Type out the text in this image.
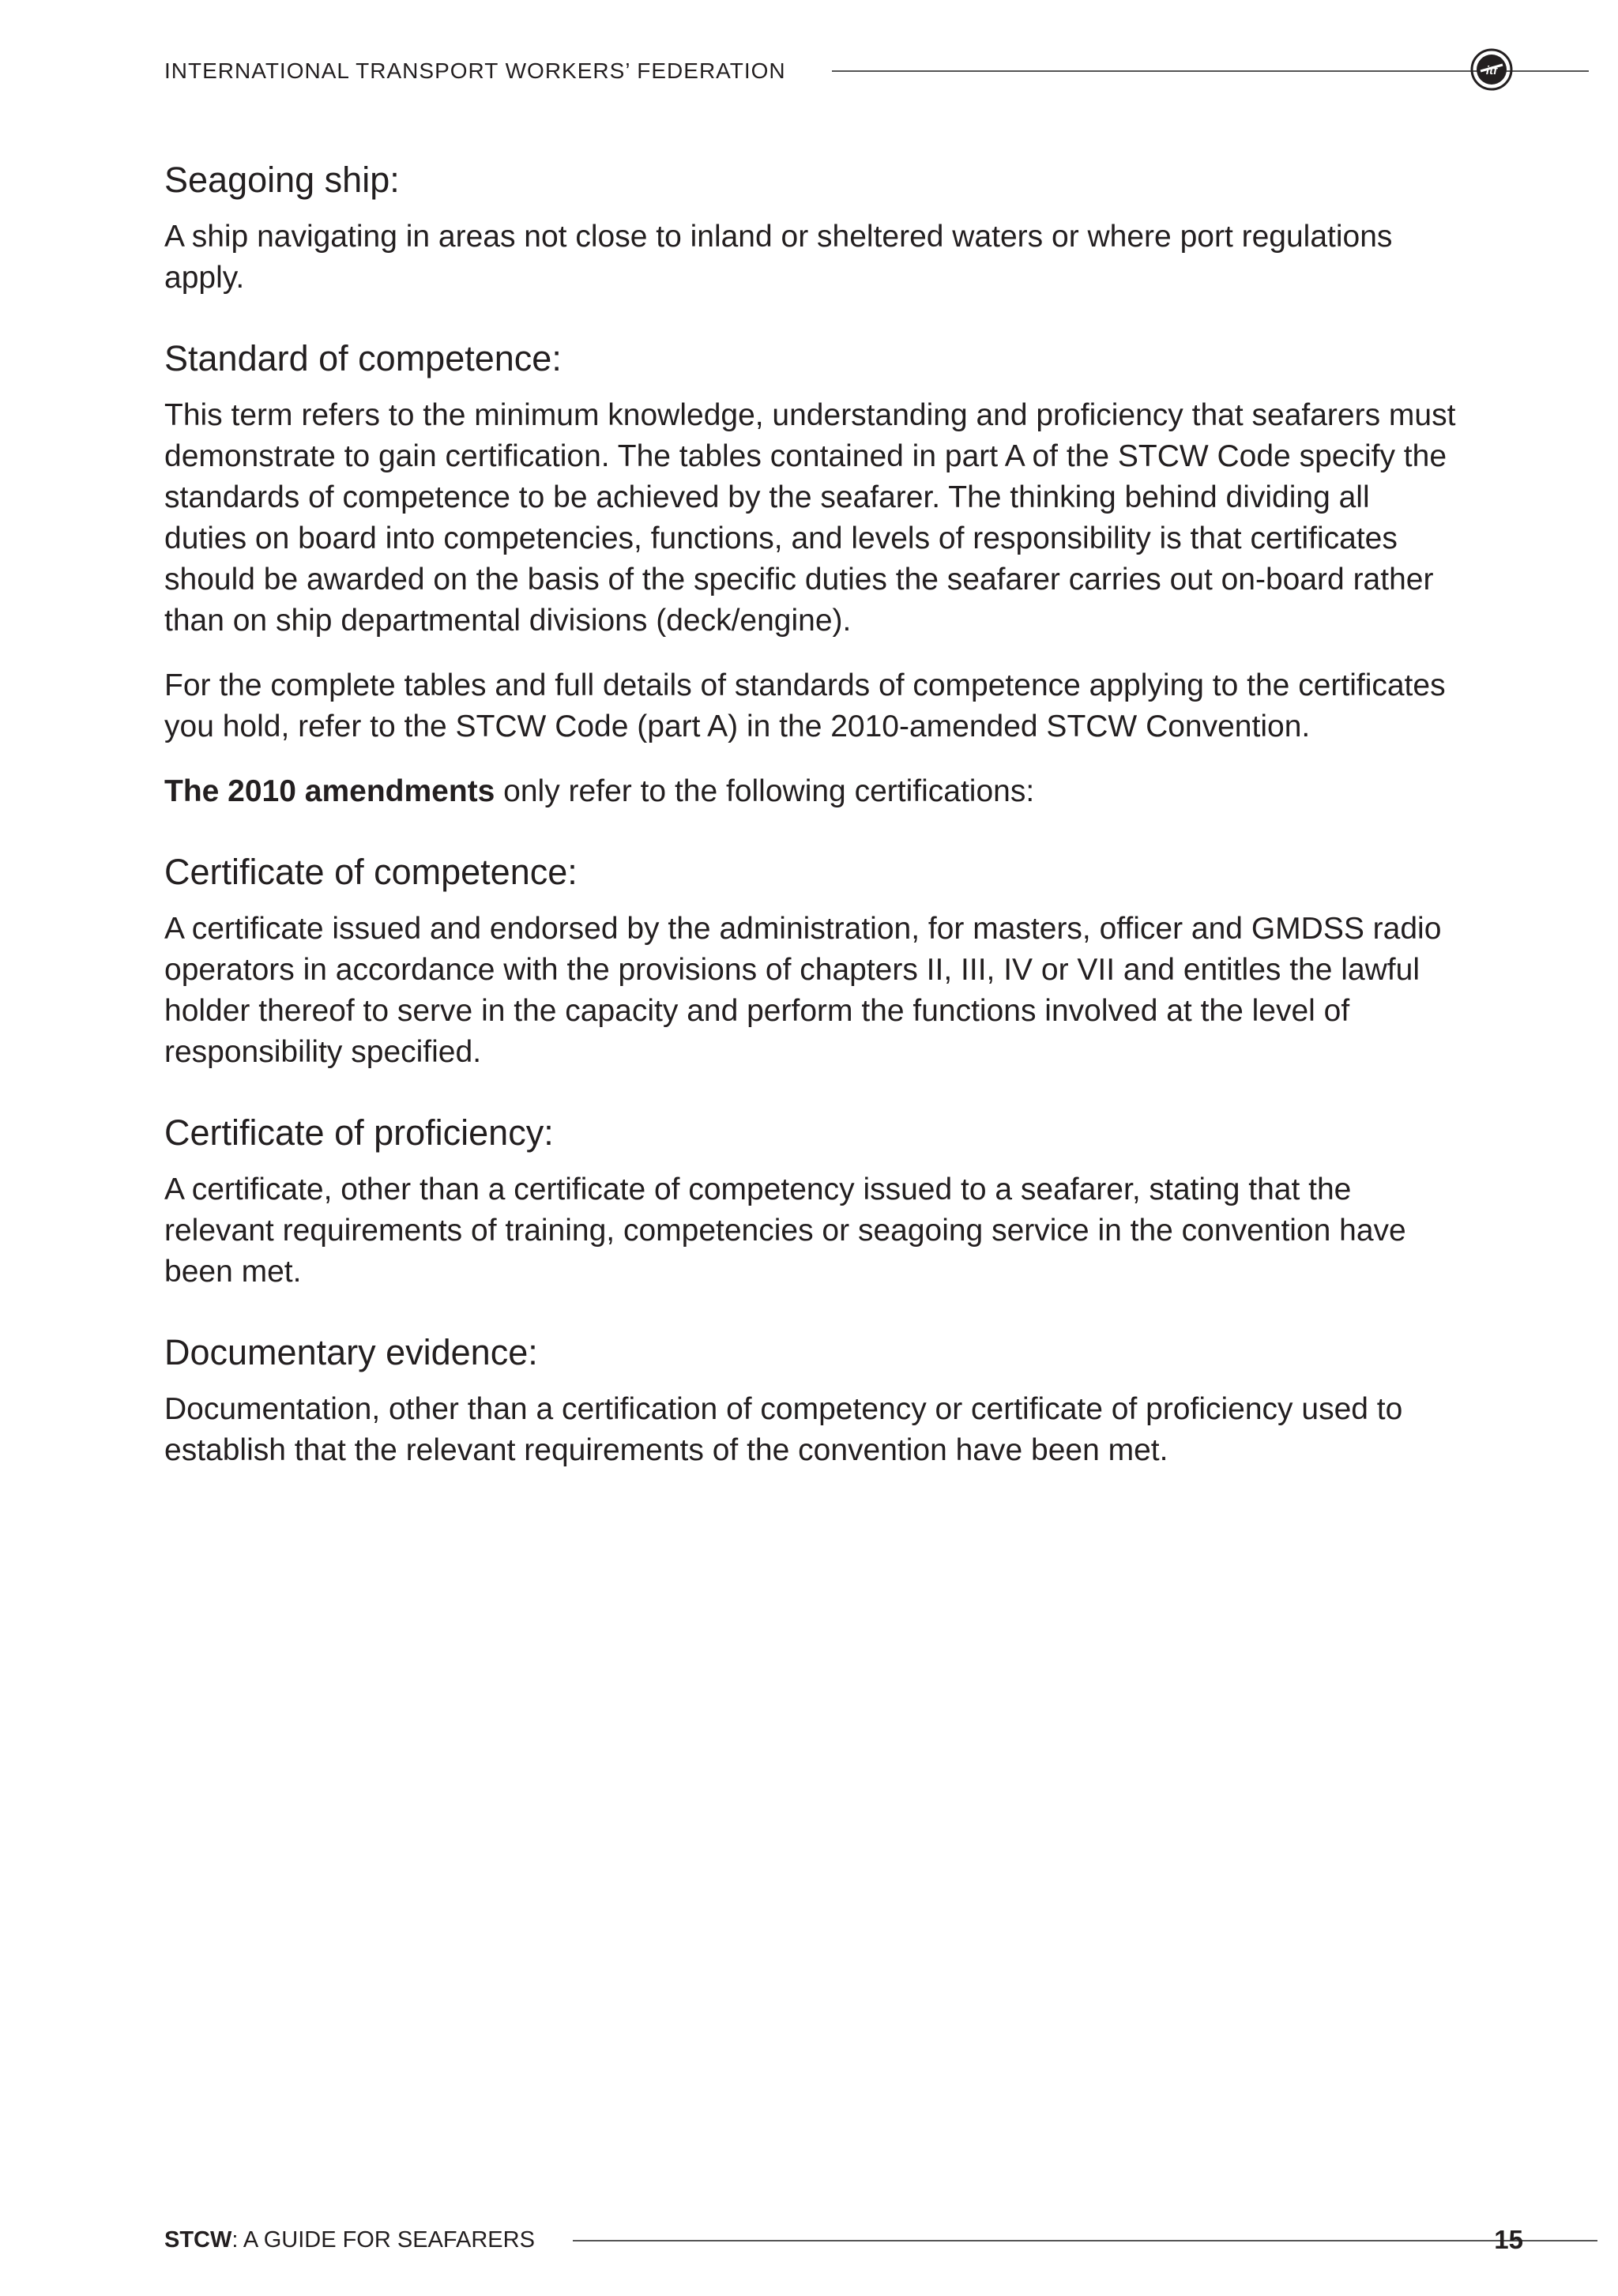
INTERNATIONAL TRANSPORT WORKERS’ FEDERATION	itf
Seagoing ship:

A ship navigating in areas not close to inland or sheltered waters or where port regulations apply.

Standard of competence:

This term refers to the minimum knowledge, understanding and proficiency that seafarers must demonstrate to gain certification. The tables contained in part A of the STCW Code specify the standards of competence to be achieved by the seafarer. The thinking behind dividing all duties on board into competencies, functions, and levels of responsibility is that certificates should be awarded on the basis of the specific duties the seafarer carries out on-board rather than on ship departmental divisions (deck/engine).

For the complete tables and full details of standards of competence applying to the certificates you hold, refer to the STCW Code (part A) in the 2010-amended STCW Convention.

The 2010 amendments only refer to the following certifications:

Certificate of competence:

A certificate issued and endorsed by the administration, for masters, officer and GMDSS radio operators in accordance with the provisions of chapters II, III, IV or VII and entitles the lawful holder thereof to serve in the capacity and perform the functions involved at the level of responsibility specified.

Certificate of proficiency:

A certificate, other than a certificate of competency issued to a seafarer, stating that the relevant requirements of training, competencies or seagoing service in the convention have been met.

Documentary evidence:

Documentation, other than a certification of competency or certificate of proficiency used to establish that the relevant requirements of the convention have been met.

STCW: A GUIDE FOR SEAFARERS	15
